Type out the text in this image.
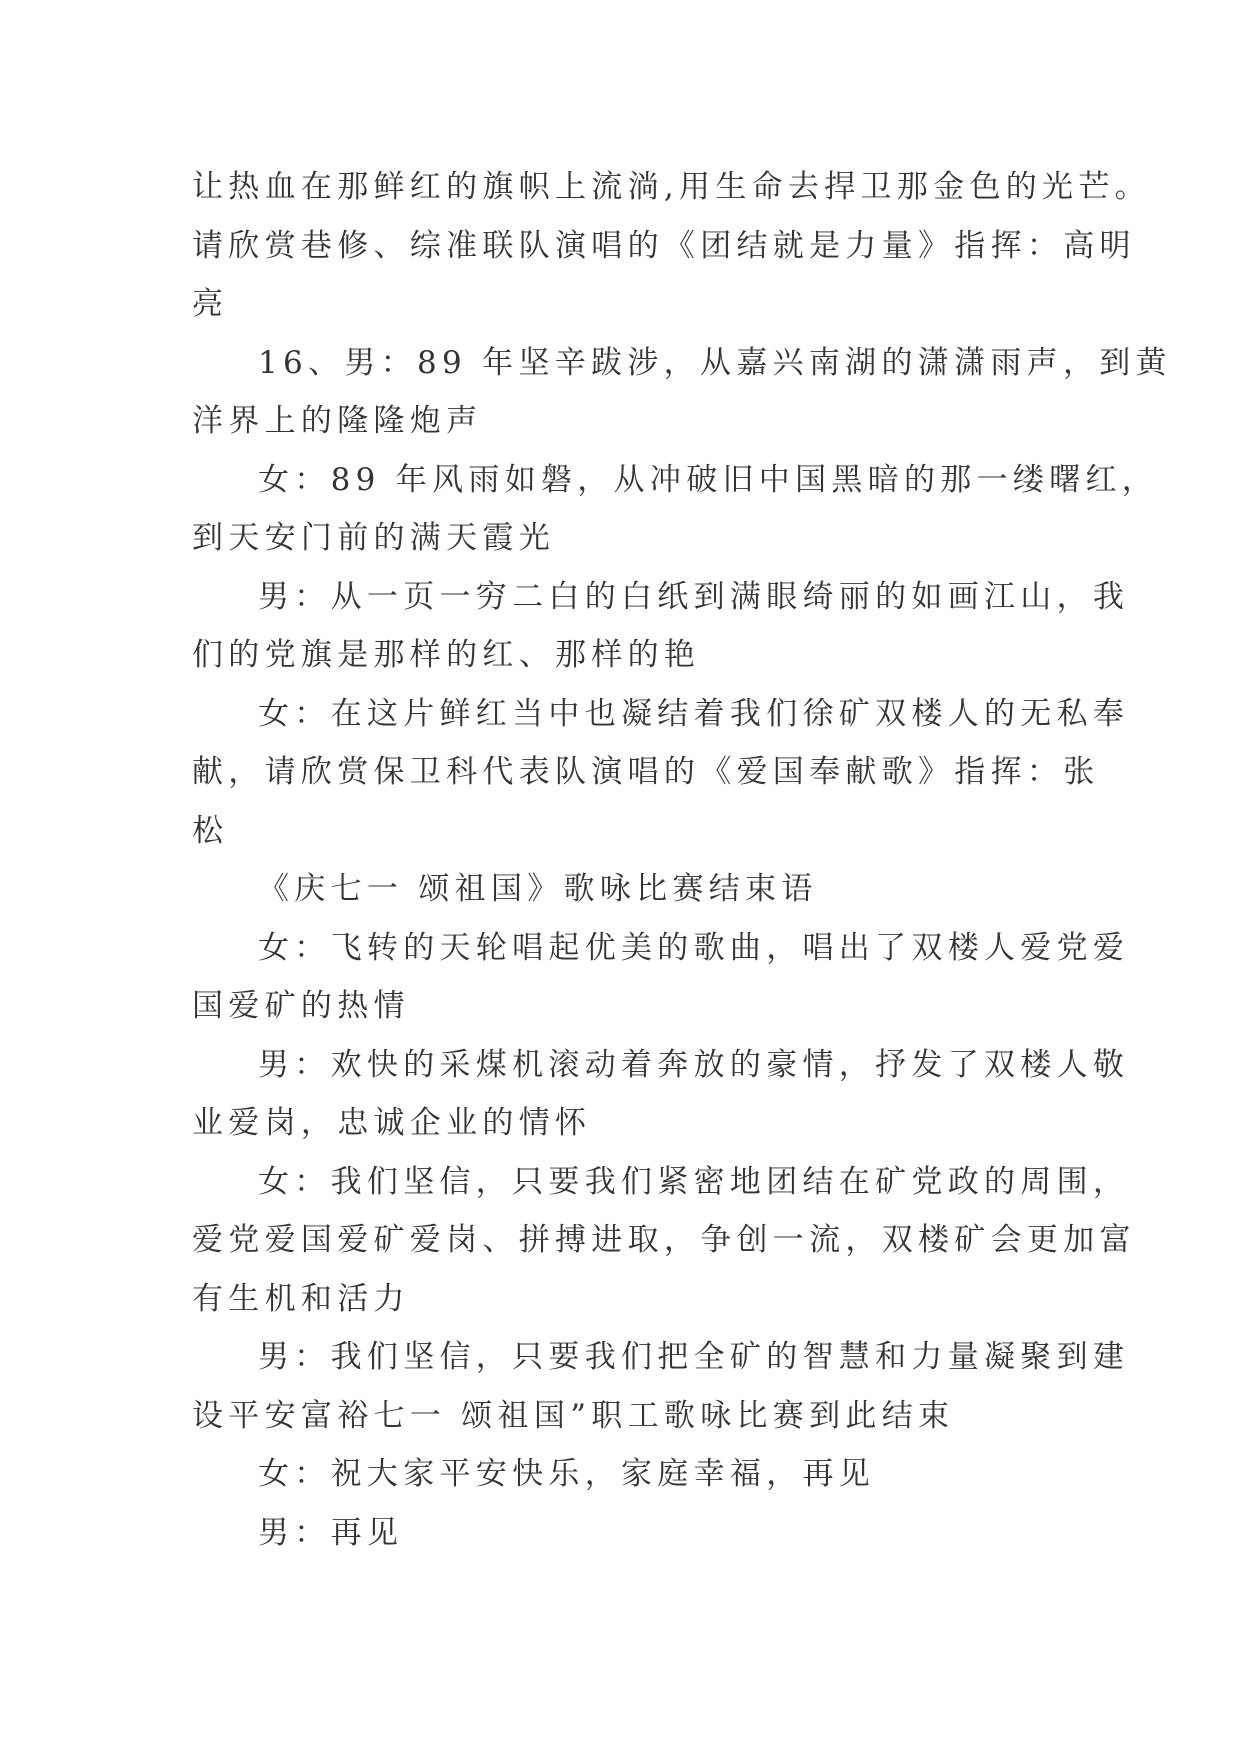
让热血在那鲜红的旗帜上流淌,用生命去捍卫那金色的光芒。
请欣赏巷修、综准联队演唱的《团结就是力量》指挥：高明
亮
16、男：89 年坚辛跋涉，从嘉兴南湖的潇潇雨声，到黄
洋界上的隆隆炮声
女：89 年风雨如磐，从冲破旧中国黑暗的那一缕曙红，
到天安门前的满天霞光
男：从一页一穷二白的白纸到满眼绮丽的如画江山，我
们的党旗是那样的红、那样的艳
女：在这片鲜红当中也凝结着我们徐矿双楼人的无私奉
献，请欣赏保卫科代表队演唱的《爱国奉献歌》指挥：张
松
《庆七一 颂祖国》歌咏比赛结束语
女：飞转的天轮唱起优美的歌曲，唱出了双楼人爱党爱
国爱矿的热情
男：欢快的采煤机滚动着奔放的豪情，抒发了双楼人敬
业爱岗，忠诚企业的情怀
女：我们坚信，只要我们紧密地团结在矿党政的周围，
爱党爱国爱矿爱岗、拼搏进取，争创一流，双楼矿会更加富
有生机和活力
男：我们坚信，只要我们把全矿的智慧和力量凝聚到建
设平安富裕七一 颂祖国”职工歌咏比赛到此结束
女：祝大家平安快乐，家庭幸福，再见
男：再见
